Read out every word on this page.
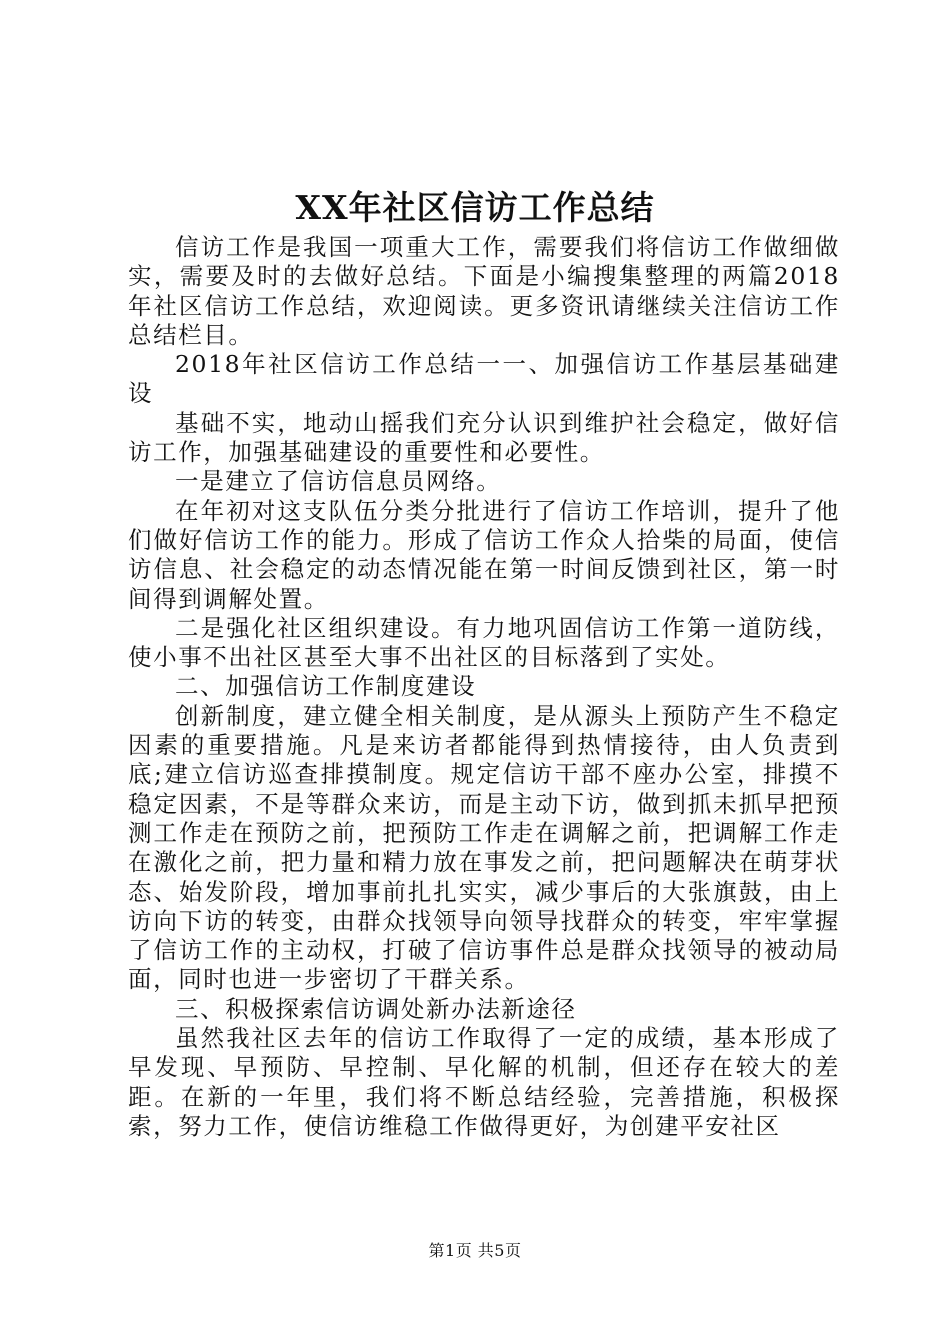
XX年社区信访工作总结

信访工作是我国一项重大工作，需要我们将信访工作做细做实，需要及时的去做好总结。下面是小编搜集整理的两篇2018年社区信访工作总结，欢迎阅读。更多资讯请继续关注信访工作总结栏目。

2018年社区信访工作总结一一、加强信访工作基层基础建设

基础不实，地动山摇我们充分认识到维护社会稳定，做好信访工作，加强基础建设的重要性和必要性。

一是建立了信访信息员网络。

在年初对这支队伍分类分批进行了信访工作培训，提升了他们做好信访工作的能力。形成了信访工作众人拾柴的局面，使信访信息、社会稳定的动态情况能在第一时间反馈到社区，第一时间得到调解处置。

二是强化社区组织建设。有力地巩固信访工作第一道防线，使小事不出社区甚至大事不出社区的目标落到了实处。

二、加强信访工作制度建设

创新制度，建立健全相关制度，是从源头上预防产生不稳定因素的重要措施。凡是来访者都能得到热情接待，由人负责到底;建立信访巡查排摸制度。规定信访干部不座办公室，排摸不稳定因素，不是等群众来访，而是主动下访，做到抓未抓早把预测工作走在预防之前，把预防工作走在调解之前，把调解工作走在激化之前，把力量和精力放在事发之前，把问题解决在萌芽状态、始发阶段，增加事前扎扎实实，减少事后的大张旗鼓，由上访向下访的转变，由群众找领导向领导找群众的转变，牢牢掌握了信访工作的主动权，打破了信访事件总是群众找领导的被动局面，同时也进一步密切了干群关系。

三、积极探索信访调处新办法新途径

虽然我社区去年的信访工作取得了一定的成绩，基本形成了早发现、早预防、早控制、早化解的机制，但还存在较大的差距。在新的一年里，我们将不断总结经验，完善措施，积极探索，努力工作，使信访维稳工作做得更好，为创建平安社区

第1页 共5页
